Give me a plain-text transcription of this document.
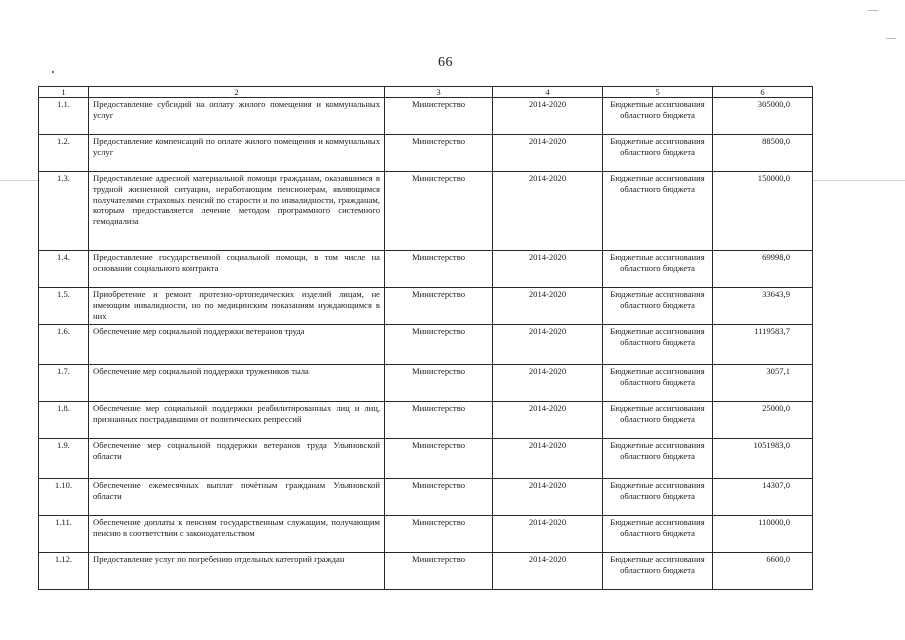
66
1	2	3	4	5	6
1.1.	Предоставление субсидий на оплату жилого помещения и коммунальных услуг	Министерство	2014-2020	Бюджетные ассигнования областного бюджета	305000,0
1.2.	Предоставление компенсаций по оплате жилого помещения и коммунальных услуг	Министерство	2014-2020	Бюджетные ассигнования областного бюджета	88500,0
1.3.	Предоставление адресной материальной помощи гражданам, оказавшимся в трудной жизненной ситуации, неработающим пенсионерам, являющимся получателями страховых пенсий по старости и по инвалидности, гражданам, которым предоставляется лечение методом программного системного гемодиализа	Министерство	2014-2020	Бюджетные ассигнования областного бюджета	150000,0
1.4.	Предоставление государственной социальной помощи, в том числе на основании социального контракта	Министерство	2014-2020	Бюджетные ассигнования областного бюджета	69998,0
1.5.	Приобретение и ремонт протезно-ортопедических изделий лицам, не имеющим инвалидности, но по медицинским показаниям нуждающимся в них	Министерство	2014-2020	Бюджетные ассигнования областного бюджета	33643,9
1.6.	Обеспечение мер социальной поддержки ветеранов труда	Министерство	2014-2020	Бюджетные ассигнования областного бюджета	1119583,7
1.7.	Обеспечение мер социальной поддержки тружеников тыла	Министерство	2014-2020	Бюджетные ассигнования областного бюджета	3057,1
1.8.	Обеспечение мер социальной поддержки реабилитированных лиц и лиц, признанных пострадавшими от политических репрессий	Министерство	2014-2020	Бюджетные ассигнования областного бюджета	25000,0
1.9.	Обеспечение мер социальной поддержки ветеранов труда Ульяновской области	Министерство	2014-2020	Бюджетные ассигнования областного бюджета	1051983,0
1.10.	Обеспечение ежемесячных выплат почётным гражданам Ульяновской области	Министерство	2014-2020	Бюджетные ассигнования областного бюджета	14307,0
1.11.	Обеспечение доплаты к пенсиям государственным служащим, получающим пенсию в соответствии с законодательством	Министерство	2014-2020	Бюджетные ассигнования областного бюджета	110000,0
1.12.	Предоставление услуг по погребению отдельных категорий граждан	Министерство	2014-2020	Бюджетные ассигнования областного бюджета	6600,0
